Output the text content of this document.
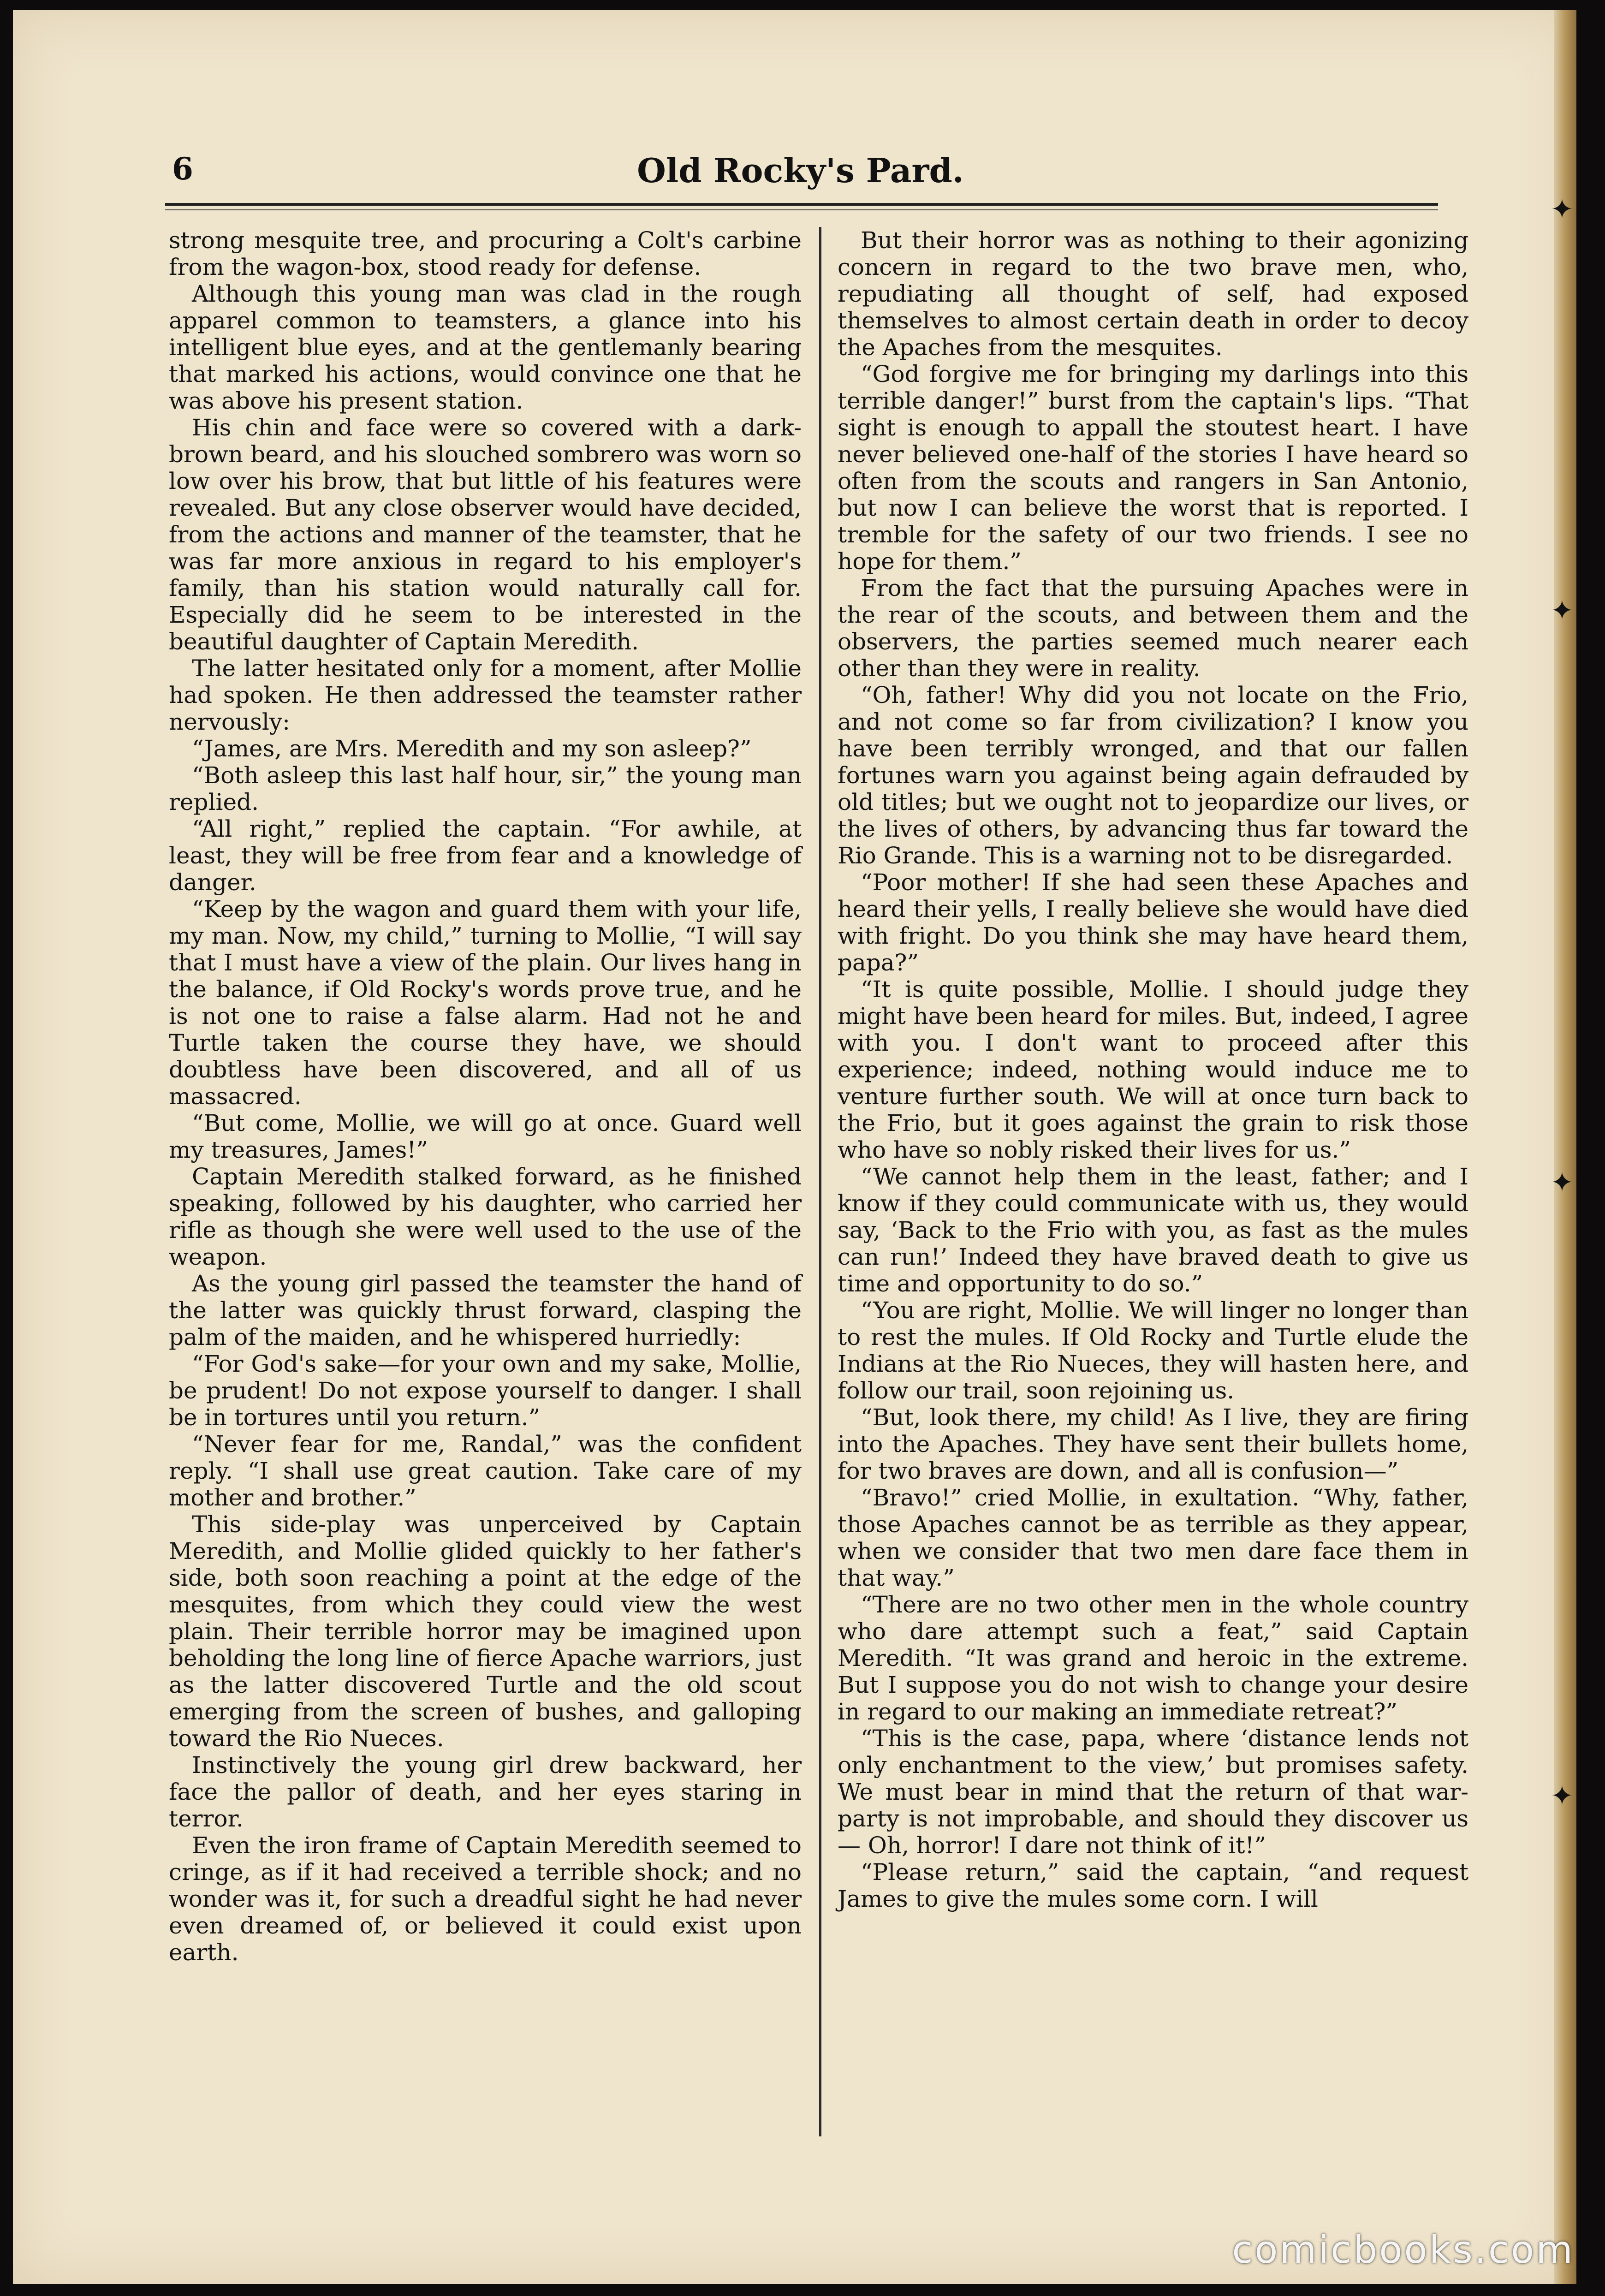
✦
✦
✦
✦
6	Old Rocky's Pard.

strong mesquite tree, and procuring a Colt's carbine from the wagon-box, stood ready for defense.

Although this young man was clad in the rough apparel common to teamsters, a glance into his intelligent blue eyes, and at the gentlemanly bearing that marked his actions, would convince one that he was above his present station.

His chin and face were so covered with a dark-brown beard, and his slouched sombrero was worn so low over his brow, that but little of his features were revealed. But any close observer would have decided, from the actions and manner of the teamster, that he was far more anxious in regard to his employer's family, than his station would naturally call for. Especially did he seem to be interested in the beautiful daughter of Captain Meredith.

The latter hesitated only for a moment, after Mollie had spoken. He then addressed the teamster rather nervously:

“James, are Mrs. Meredith and my son asleep?”

“Both asleep this last half hour, sir,” the young man replied.

“All right,” replied the captain. “For awhile, at least, they will be free from fear and a knowledge of danger.

“Keep by the wagon and guard them with your life, my man. Now, my child,” turning to Mollie, “I will say that I must have a view of the plain. Our lives hang in the balance, if Old Rocky's words prove true, and he is not one to raise a false alarm. Had not he and Turtle taken the course they have, we should doubtless have been discovered, and all of us massacred.

“But come, Mollie, we will go at once. Guard well my treasures, James!”

Captain Meredith stalked forward, as he finished speaking, followed by his daughter, who carried her rifle as though she were well used to the use of the weapon.

As the young girl passed the teamster the hand of the latter was quickly thrust forward, clasping the palm of the maiden, and he whispered hurriedly:

“For God's sake—for your own and my sake, Mollie, be prudent! Do not expose yourself to danger. I shall be in tortures until you return.”

“Never fear for me, Randal,” was the confident reply. “I shall use great caution. Take care of my mother and brother.”

This side-play was unperceived by Captain Meredith, and Mollie glided quickly to her father's side, both soon reaching a point at the edge of the mesquites, from which they could view the west plain. Their terrible horror may be imagined upon beholding the long line of fierce Apache warriors, just as the latter discovered Turtle and the old scout emerging from the screen of bushes, and galloping toward the Rio Nueces.

Instinctively the young girl drew backward, her face the pallor of death, and her eyes staring in terror.

Even the iron frame of Captain Meredith seemed to cringe, as if it had received a terrible shock; and no wonder was it, for such a dreadful sight he had never even dreamed of, or believed it could exist upon earth.

But their horror was as nothing to their agonizing concern in regard to the two brave men, who, repudiating all thought of self, had exposed themselves to almost certain death in order to decoy the Apaches from the mesquites.

“God forgive me for bringing my darlings into this terrible danger!” burst from the captain's lips. “That sight is enough to appall the stoutest heart. I have never believed one-half of the stories I have heard so often from the scouts and rangers in San Antonio, but now I can believe the worst that is reported. I tremble for the safety of our two friends. I see no hope for them.”

From the fact that the pursuing Apaches were in the rear of the scouts, and between them and the observers, the parties seemed much nearer each other than they were in reality.

“Oh, father! Why did you not locate on the Frio, and not come so far from civilization? I know you have been terribly wronged, and that our fallen fortunes warn you against being again defrauded by old titles; but we ought not to jeopardize our lives, or the lives of others, by advancing thus far toward the Rio Grande. This is a warning not to be disregarded.

“Poor mother! If she had seen these Apaches and heard their yells, I really believe she would have died with fright. Do you think she may have heard them, papa?”

“It is quite possible, Mollie. I should judge they might have been heard for miles. But, indeed, I agree with you. I don't want to proceed after this experience; indeed, nothing would induce me to venture further south. We will at once turn back to the Frio, but it goes against the grain to risk those who have so nobly risked their lives for us.”

“We cannot help them in the least, father; and I know if they could communicate with us, they would say, ‘Back to the Frio with you, as fast as the mules can run!’ Indeed they have braved death to give us time and opportunity to do so.”

“You are right, Mollie. We will linger no longer than to rest the mules. If Old Rocky and Turtle elude the Indians at the Rio Nueces, they will hasten here, and follow our trail, soon rejoining us.

“But, look there, my child! As I live, they are firing into the Apaches. They have sent their bullets home, for two braves are down, and all is confusion—”

“Bravo!” cried Mollie, in exultation. “Why, father, those Apaches cannot be as terrible as they appear, when we consider that two men dare face them in that way.”

“There are no two other men in the whole country who dare attempt such a feat,” said Captain Meredith. “It was grand and heroic in the extreme. But I suppose you do not wish to change your desire in regard to our making an immediate retreat?”

“This is the case, papa, where ‘distance lends not only enchantment to the view,’ but promises safety. We must bear in mind that the return of that war-party is not improbable, and should they discover us— Oh, horror! I dare not think of it!”

“Please return,” said the captain, “and request James to give the mules some corn. I will

comicbooks.com
